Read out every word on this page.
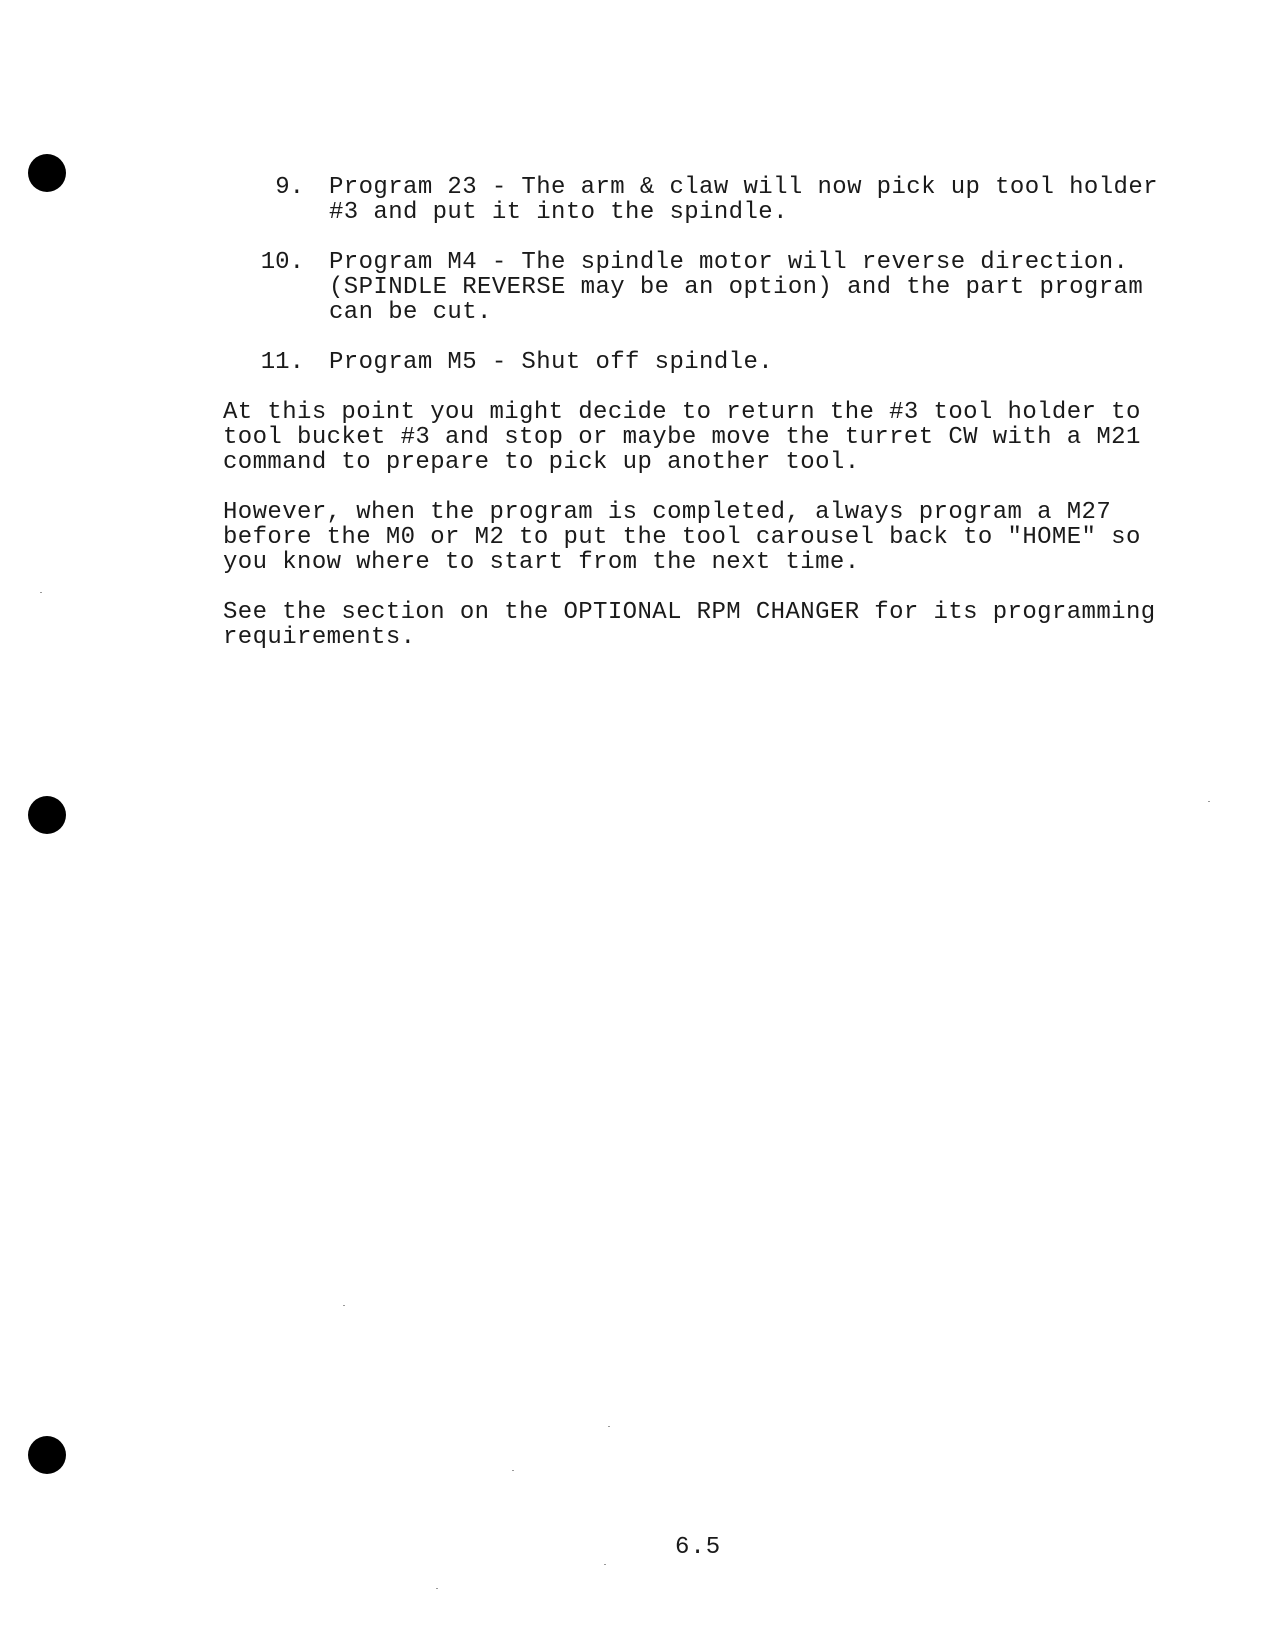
9. Program 23 - The arm & claw will now pick up tool holder
#3 and put it into the spindle.
10. Program M4 - The spindle motor will reverse direction.
(SPINDLE REVERSE may be an option) and the part program
can be cut.
11. Program M5 - Shut off spindle.
At this point you might decide to return the #3 tool holder to
tool bucket #3 and stop or maybe move the turret CW with a M21
command to prepare to pick up another tool.
However, when the program is completed, always program a M27
before the M0 or M2 to put the tool carousel back to "HOME" so
you know where to start from the next time.
See the section on the OPTIONAL RPM CHANGER for its programming
requirements.
6.5
